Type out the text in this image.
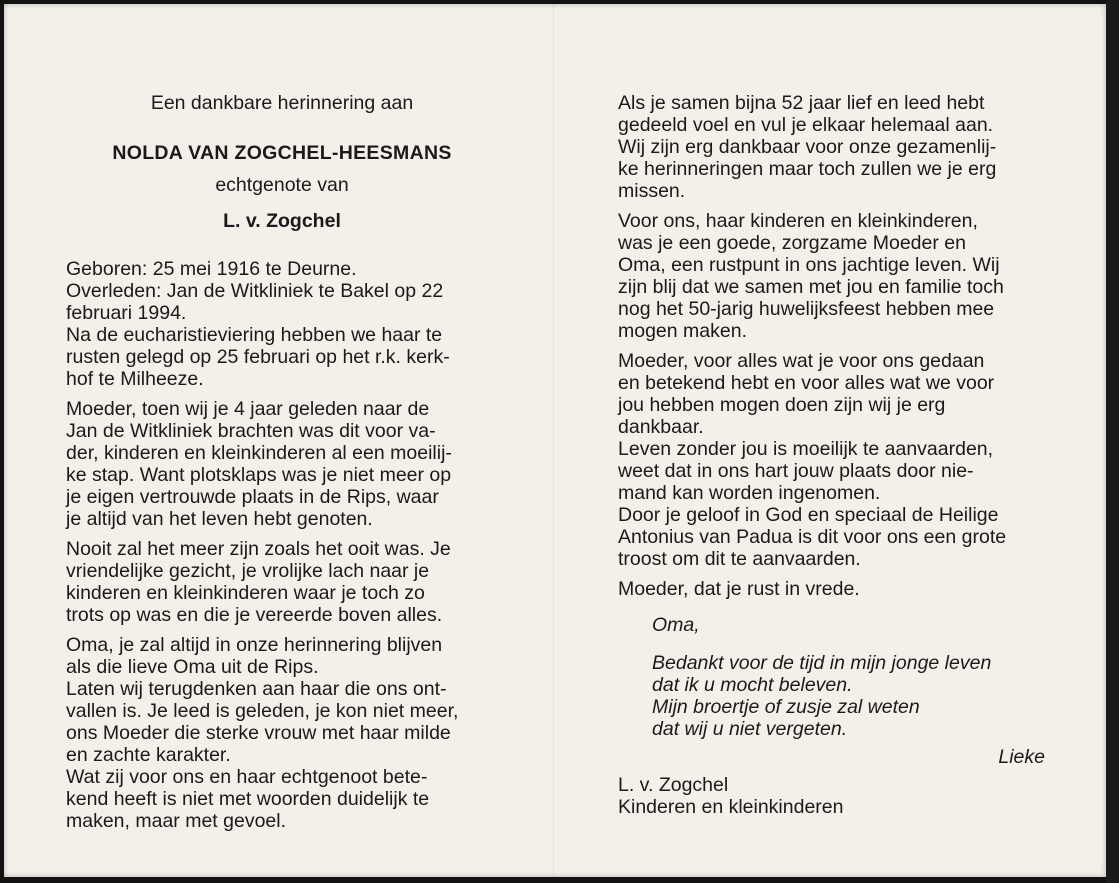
Een dankbare herinnering aan
NOLDA VAN ZOGCHEL-HEESMANS
echtgenote van
L. v. Zogchel

Geboren: 25 mei 1916 te Deurne.
Overleden: Jan de Witkliniek te Bakel op 22
februari 1994.
Na de eucharistieviering hebben we haar te
rusten gelegd op 25 februari op het r.k. kerk-
hof te Milheeze.

Moeder, toen wij je 4 jaar geleden naar de
Jan de Witkliniek brachten was dit voor va-
der, kinderen en kleinkinderen al een moeilij-
ke stap. Want plotsklaps was je niet meer op
je eigen vertrouwde plaats in de Rips, waar
je altijd van het leven hebt genoten.

Nooit zal het meer zijn zoals het ooit was. Je
vriendelijke gezicht, je vrolijke lach naar je
kinderen en kleinkinderen waar je toch zo
trots op was en die je vereerde boven alles.

Oma, je zal altijd in onze herinnering blijven
als die lieve Oma uit de Rips.
Laten wij terugdenken aan haar die ons ont-
vallen is. Je leed is geleden, je kon niet meer,
ons Moeder die sterke vrouw met haar milde
en zachte karakter.
Wat zij voor ons en haar echtgenoot bete-
kend heeft is niet met woorden duidelijk te
maken, maar met gevoel.

Als je samen bijna 52 jaar lief en leed hebt
gedeeld voel en vul je elkaar helemaal aan.
Wij zijn erg dankbaar voor onze gezamenlij-
ke herinneringen maar toch zullen we je erg
missen.

Voor ons, haar kinderen en kleinkinderen,
was je een goede, zorgzame Moeder en
Oma, een rustpunt in ons jachtige leven. Wij
zijn blij dat we samen met jou en familie toch
nog het 50-jarig huwelijksfeest hebben mee
mogen maken.

Moeder, voor alles wat je voor ons gedaan
en betekend hebt en voor alles wat we voor
jou hebben mogen doen zijn wij je erg
dankbaar.
Leven zonder jou is moeilijk te aanvaarden,
weet dat in ons hart jouw plaats door nie-
mand kan worden ingenomen.
Door je geloof in God en speciaal de Heilige
Antonius van Padua is dit voor ons een grote
troost om dit te aanvaarden.

Moeder, dat je rust in vrede.

Oma,

Bedankt voor de tijd in mijn jonge leven
dat ik u mocht beleven.
Mijn broertje of zusje zal weten
dat wij u niet vergeten.

Lieke

L. v. Zogchel
Kinderen en kleinkinderen
